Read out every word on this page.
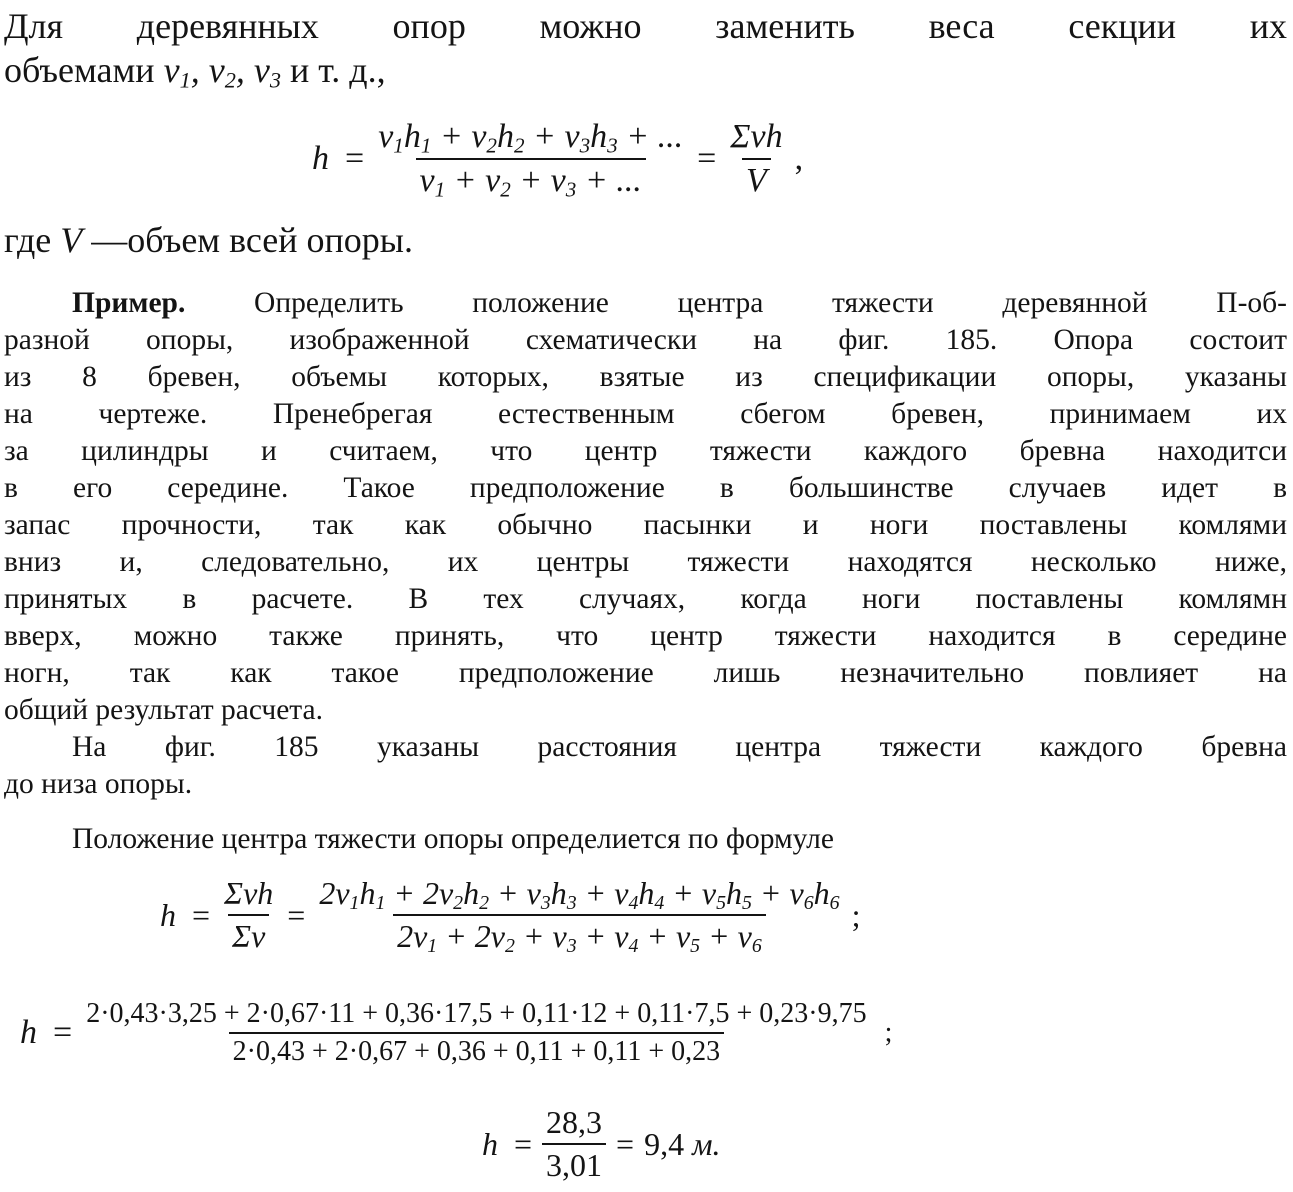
Для деревянных опор можно заменить веса секции их
объемами $v_1$, $v_2$, $v_3$ и т. д.,
$h = \frac{v_1h_1 + v_2h_2 + v_3h_3 + ...}{v_1 + v_2 + v_3 + ...} = \frac{\text{Σvh}}{V}$ ,
где V —объем всей опоры.
Пример. Определить положение центра тяжести деревянной П-об-
разной опоры, изображенной схематически на фиг. 185. Опора состоит
из 8 бревен, объемы которых, взятые из спецификации опоры, указаны
на чертеже. Пренебрегая естественным сбегом бревен, принимаем их
за цилиндры и считаем, что центр тяжести каждого бревна находитси
в его середине. Такое предположение в большинстве случаев идет в
запас прочности, так как обычно пасынки и ноги поставлены комлями
вниз и, следовательно, их центры тяжести находятся несколько ниже,
принятых в расчете. В тех случаях, когда ноги поставлены комлямн
вверх, можно также принять, что центр тяжести находится в середине
ногн, так как такое предположение лишь незначительно повлияет на
общий результат расчета.
На фиг. 185 указаны расстояния центра тяжести каждого бревна
до низа опоры.
Положение центра тяжести опоры определиется по формуле
$h = \frac{\text{Σvh}}{\Sigma v} = \frac{2v_1h_1 + 2v_2h_2 + v_3h_3 + v_4h_4 + v_5h_5 + v_6h_6}{2v_1 + 2v_2 + v_3 + v_4 + v_5 + v_6}$ ;
h =
2·0,43·3,25 + 2·0,67·11 + 0,36·17,5 + 0,11·12 + 0,11·7,5 + 0,23·9,75
2·0,43 + 2·0,67 + 0,36 + 0,11 + 0,11 + 0,23
;
$h = \frac{28,3}{3,01} = 9,4$ м.
